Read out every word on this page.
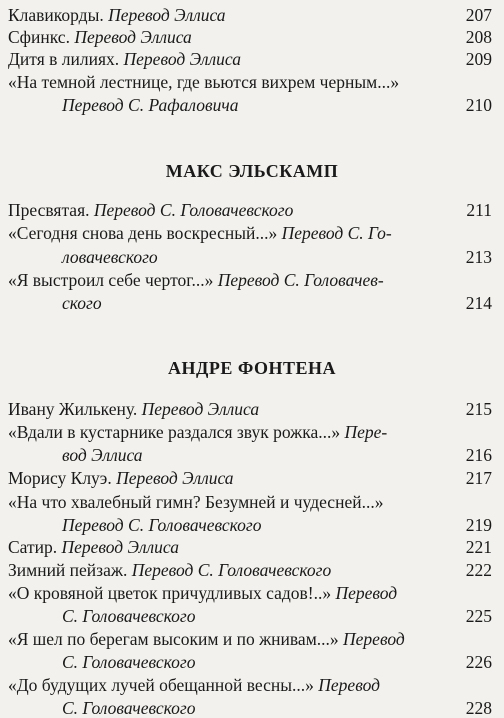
Клавикорды. Перевод Эллиса	207
Сфинкс. Перевод Эллиса	208
Дитя в лилиях. Перевод Эллиса	209
«На темной лестнице, где вьются вихрем черным...»
Перевод С. Рафаловича	210
МАКС ЭЛЬСКАМП
Пресвятая. Перевод С. Головачевского	211
«Сегодня снова день воскресный...» Перевод С. Го-
ловачевского	213
«Я выстроил себе чертог...» Перевод С. Головачев-
ского	214
АНДРЕ ФОНТЕНА
Ивану Жилькену. Перевод Эллиса	215
«Вдали в кустарнике раздался звук рожка...» Пере-
вод Эллиса	216
Морису Клуэ. Перевод Эллиса	217
«На что хвалебный гимн? Безумней и чудесней...»
Перевод С. Головачевского	219
Сатир. Перевод Эллиса	221
Зимний пейзаж. Перевод С. Головачевского	222
«О кровяной цветок причудливых садов!..» Перевод
С. Головачевского	225
«Я шел по берегам высоким и по жнивам...» Перевод
С. Головачевского	226
«До будущих лучей обещанной весны...» Перевод
С. Головачевского	228
